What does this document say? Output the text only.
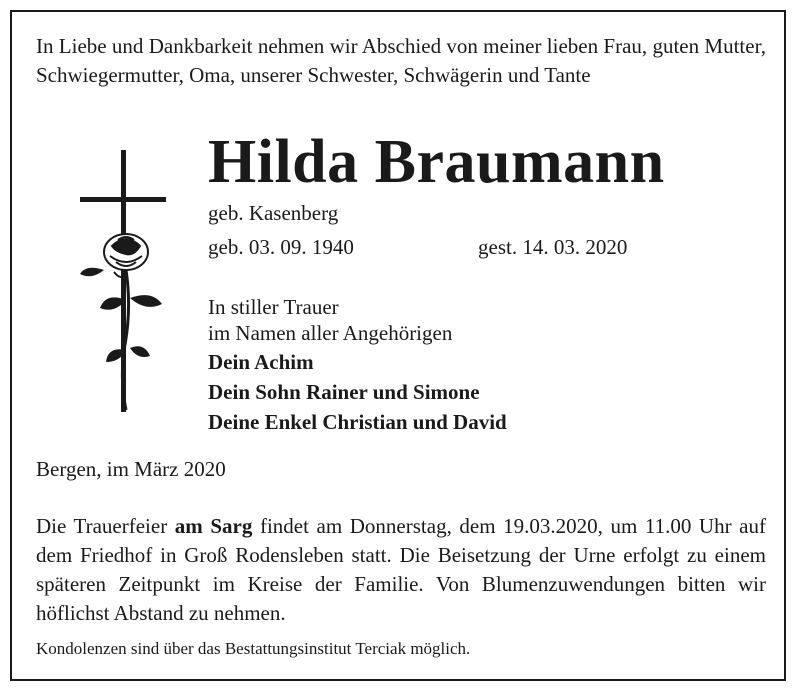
In Liebe und Dankbarkeit nehmen wir Abschied von meiner lieben Frau, guten Mutter, Schwiegermutter, Oma, unserer Schwester, Schwägerin und Tante
Hilda Braumann
geb. Kasenberg
geb. 03. 09. 1940	gest. 14. 03. 2020
In stiller Trauer
im Namen aller Angehörigen
Dein Achim
Dein Sohn Rainer und Simone
Deine Enkel Christian und David
Bergen, im März 2020
Die Trauerfeier am Sarg findet am Donnerstag, dem 19.03.2020, um 11.00 Uhr auf dem Friedhof in Groß Rodensleben statt. Die Beisetzung der Urne erfolgt zu einem späteren Zeitpunkt im Kreise der Familie. Von Blumenzuwendungen bitten wir höflichst Abstand zu nehmen.
Kondolenzen sind über das Bestattungsinstitut Terciak möglich.
